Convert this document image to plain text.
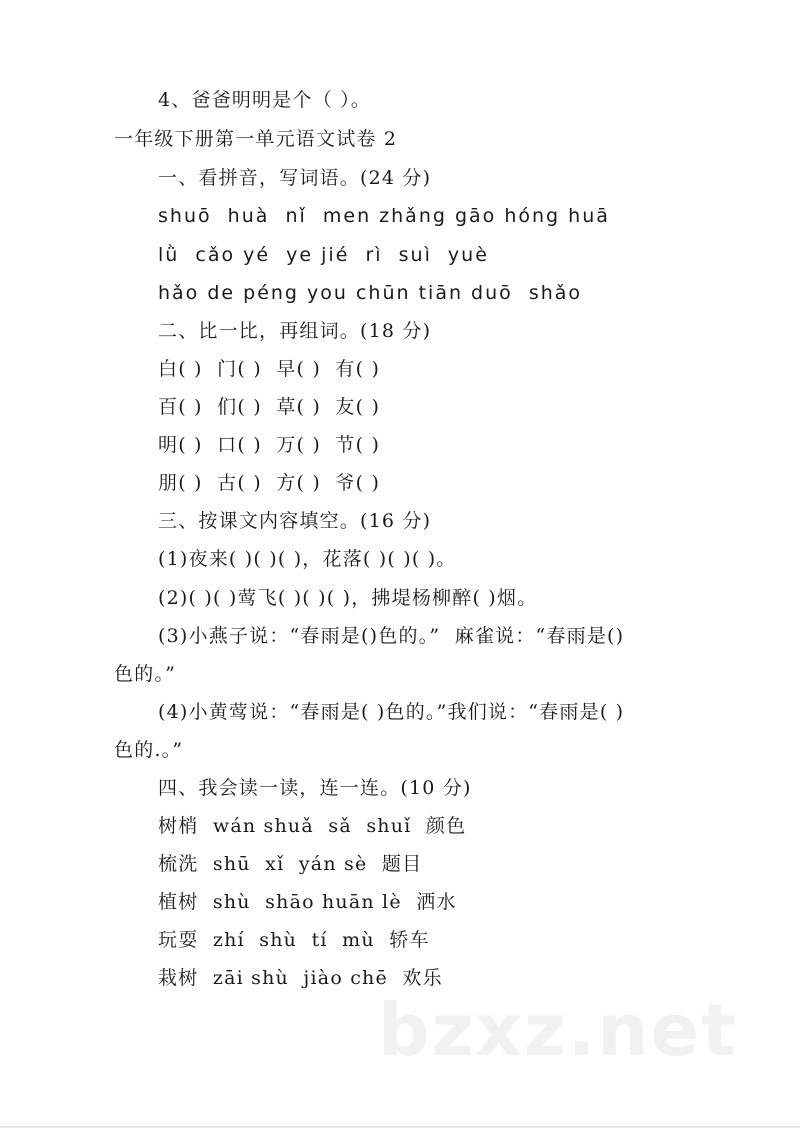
4、爸爸明明是个（ ）。
一年级下册第一单元语文试卷 2
一、看拼音，写词语。(24 分)
shuō  huà  nǐ  men zhǎng gāo hóng huā
lǜ  cǎo yé  ye jié  rì  suì  yuè
hǎo de péng you chūn tiān duō  shǎo
二、比一比，再组词。(18 分)
白( )  门( )  早( )  有( )
百( )  们( )  草( )  友( )
明( )  口( )  万( )  节( )
朋( )  古( )  方( )  爷( )
三、按课文内容填空。(16 分)
(1)夜来( )( )( )，花落( )( )( )。
(2)( )( )莺飞( )( )( )，拂堤杨柳醉( )烟。
(3)小燕子说：“春雨是()色的。”  麻雀说：“春雨是()
色的。”
(4)小黄莺说：“春雨是( )色的。”我们说：“春雨是( )
色的.。”
四、我会读一读，连一连。(10 分)
树梢  wán shuǎ  sǎ  shuǐ  颜色
梳洗  shū  xǐ  yán sè  题目
植树  shù  shāo huān lè  洒水
玩耍  zhí  shù  tí  mù  轿车
栽树  zāi shù  jiào chē  欢乐
bzxz.net
